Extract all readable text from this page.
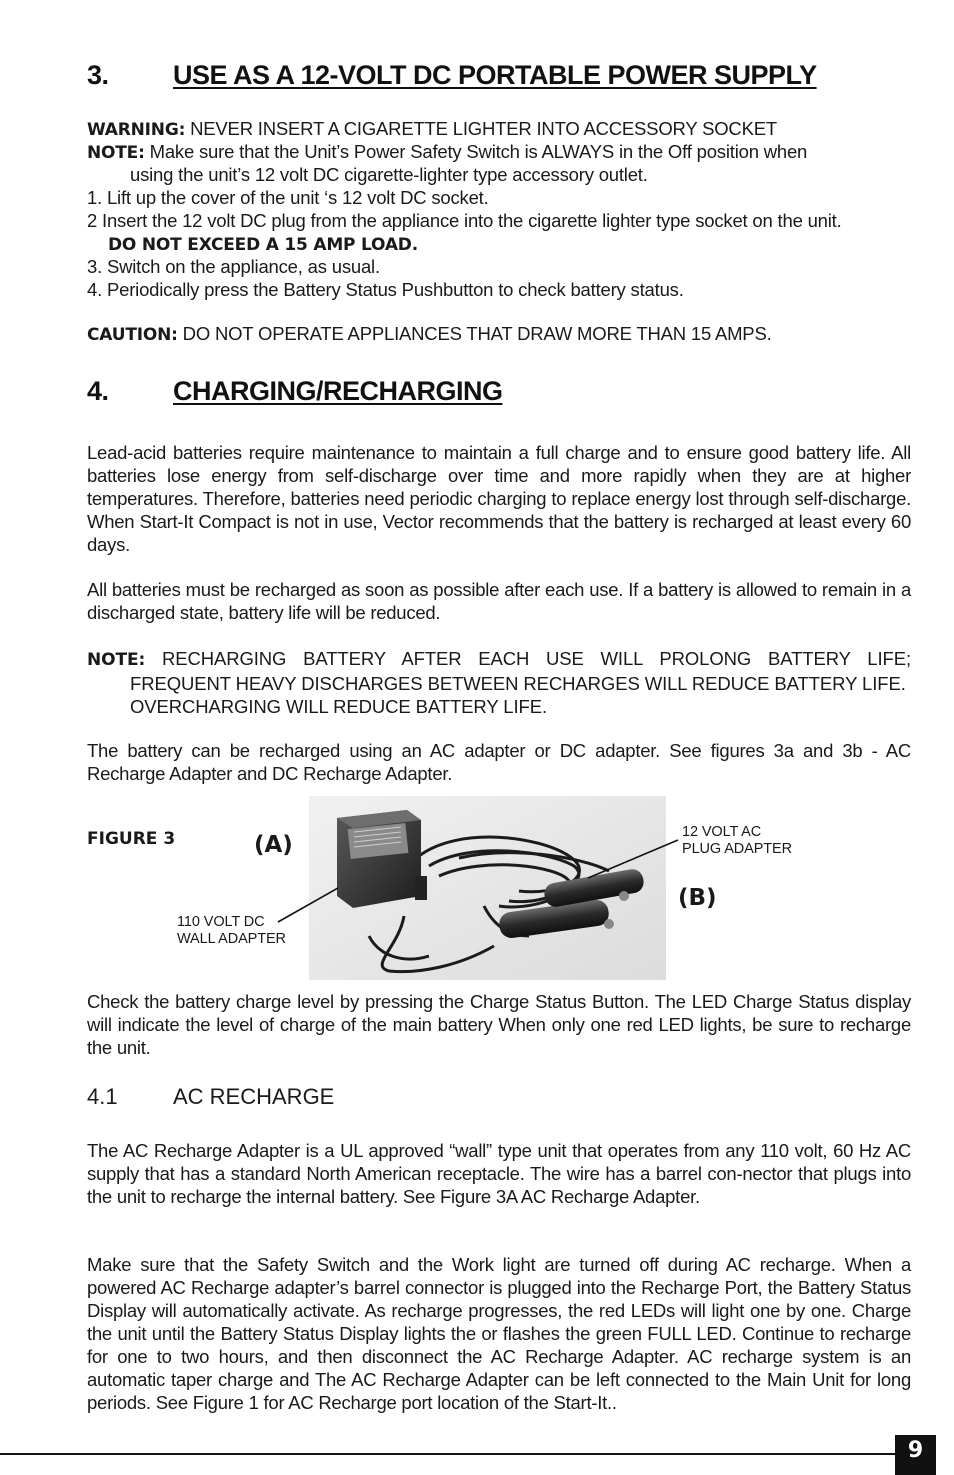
3. USE AS A 12-VOLT DC PORTABLE POWER SUPPLY
WARNING: NEVER INSERT A CIGARETTE LIGHTER INTO ACCESSORY SOCKET
NOTE: Make sure that the Unit’s Power Safety Switch is ALWAYS in the Off position when
using the unit’s 12 volt DC cigarette-lighter type accessory outlet.
1. Lift up the cover of the unit ‘s 12 volt DC socket.
2 Insert the 12 volt DC plug from the appliance into the cigarette lighter type socket on the unit.
DO NOT EXCEED A 15 AMP LOAD.
3. Switch on the appliance, as usual.
4. Periodically press the Battery Status Pushbutton to check battery status.
CAUTION: DO NOT OPERATE APPLIANCES THAT DRAW MORE THAN 15 AMPS.
4. CHARGING/RECHARGING
Lead-acid batteries require maintenance to maintain a full charge and to ensure good battery life. All batteries lose energy from self-discharge over time and more rapidly when they are at higher temperatures. Therefore, batteries need periodic charging to replace energy lost through self-discharge. When Start-It Compact is not in use, Vector recommends that the battery is recharged at least every 60 days.
All batteries must be recharged as soon as possible after each use. If a battery is allowed to remain in a discharged state, battery life will be reduced.
NOTE: RECHARGING BATTERY AFTER EACH USE WILL PROLONG BATTERY LIFE;
FREQUENT HEAVY DISCHARGES BETWEEN RECHARGES WILL REDUCE BATTERY LIFE.
OVERCHARGING WILL REDUCE BATTERY LIFE.
The battery can be recharged using an AC adapter or DC adapter. See figures 3a and 3b - AC Recharge Adapter and DC Recharge Adapter.
FIGURE 3	(A)
(B)
12 VOLT AC
PLUG ADAPTER
110 VOLT DC
WALL ADAPTER
Check the battery charge level by pressing the Charge Status Button. The LED Charge Status display will indicate the level of charge of the main battery When only one red LED lights, be sure to recharge the unit.
4.1	AC RECHARGE
The AC Recharge Adapter is a UL approved “wall” type unit that operates from any 110 volt, 60 Hz AC supply that has a standard North American receptacle. The wire has a barrel con-nector that plugs into the unit to recharge the internal battery. See Figure 3A AC Recharge Adapter.
Make sure that the Safety Switch and the Work light are turned off during AC recharge. When a powered AC Recharge adapter’s barrel connector is plugged into the Recharge Port, the Battery Status Display will automatically activate. As recharge progresses, the red LEDs will light one by one. Charge the unit until the Battery Status Display lights the or flashes the green FULL LED. Continue to recharge for one to two hours, and then disconnect the AC Recharge Adapter. AC recharge system is an automatic taper charge and The AC Recharge Adapter can be left connected to the Main Unit for long periods. See Figure 1 for AC Recharge port location of the Start-It..
9
